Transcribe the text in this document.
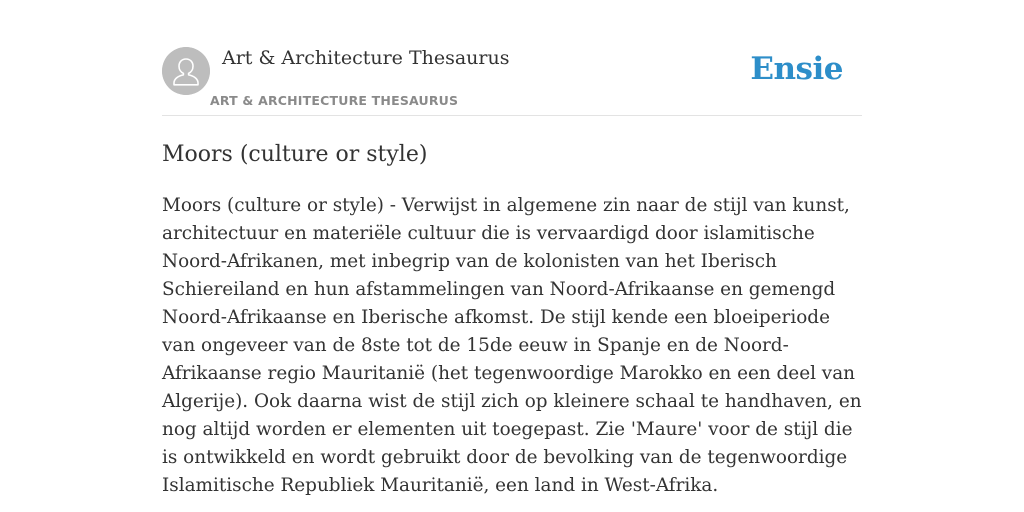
Art & Architecture Thesaurus
ART & ARCHITECTURE THESAURUS
Ensie
Moors (culture or style)

Moors (culture or style) - Verwijst in algemene zin naar de stijl van kunst, architectuur en materiële cultuur die is vervaardigd door islamitische Noord-Afrikanen, met inbegrip van de kolonisten van het Iberisch Schiereiland en hun afstammelingen van Noord-Afrikaanse en gemengd Noord-Afrikaanse en Iberische afkomst. De stijl kende een bloeiperiode van ongeveer van de 8ste tot de 15de eeuw in Spanje en de Noord-Afrikaanse regio Mauritanië (het tegenwoordige Marokko en een deel van Algerije). Ook daarna wist de stijl zich op kleinere schaal te handhaven, en nog altijd worden er elementen uit toegepast. Zie 'Maure' voor de stijl die is ontwikkeld en wordt gebruikt door de bevolking van de tegenwoordige Islamitische Republiek Mauritanië, een land in West-Afrika.
